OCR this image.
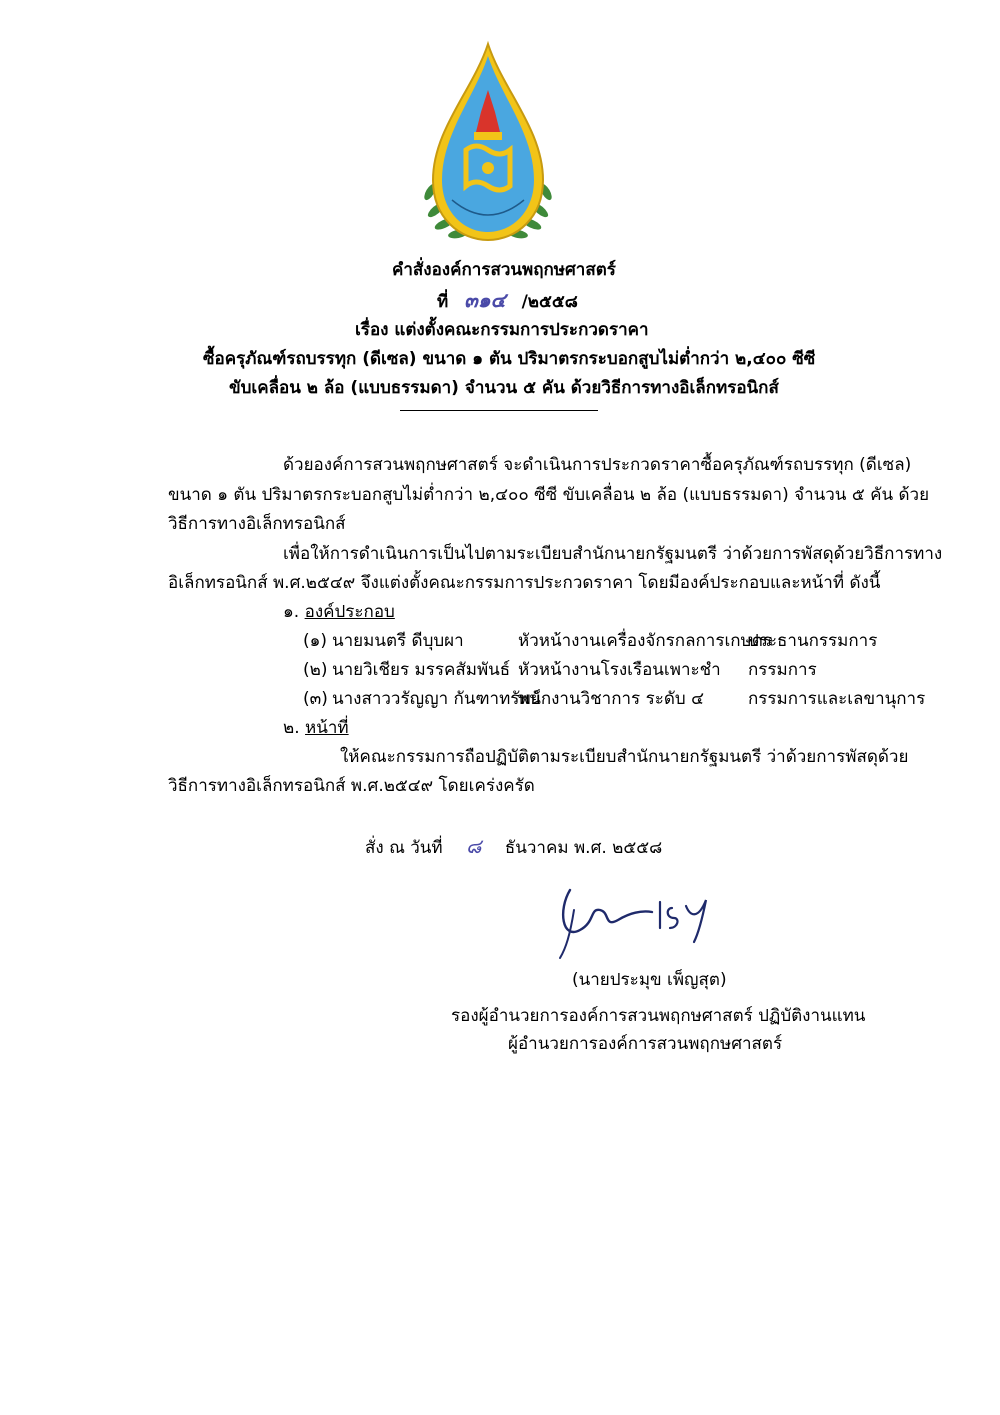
คำสั่งองค์การสวนพฤกษศาสตร์
ที่ ๓๑๔ /๒๕๕๘
เรื่อง แต่งตั้งคณะกรรมการประกวดราคา
ซื้อครุภัณฑ์รถบรรทุก (ดีเซล) ขนาด ๑ ตัน ปริมาตรกระบอกสูบไม่ต่ำกว่า ๒,๔๐๐ ซีซี
ขับเคลื่อน ๒ ล้อ (แบบธรรมดา) จำนวน ๕ คัน ด้วยวิธีการทางอิเล็กทรอนิกส์
ด้วยองค์การสวนพฤกษศาสตร์ จะดำเนินการประกวดราคาซื้อครุภัณฑ์รถบรรทุก (ดีเซล)
ขนาด ๑ ตัน ปริมาตรกระบอกสูบไม่ต่ำกว่า ๒,๔๐๐ ซีซี ขับเคลื่อน ๒ ล้อ (แบบธรรมดา) จำนวน ๕ คัน ด้วย
วิธีการทางอิเล็กทรอนิกส์
เพื่อให้การดำเนินการเป็นไปตามระเบียบสำนักนายกรัฐมนตรี ว่าด้วยการพัสดุด้วยวิธีการทาง
อิเล็กทรอนิกส์ พ.ศ.๒๕๔๙ จึงแต่งตั้งคณะกรรมการประกวดราคา โดยมีองค์ประกอบและหน้าที่ ดังนี้
๑. องค์ประกอบ
(๑) นายมนตรี ดีบุบผา	หัวหน้างานเครื่องจักรกลการเกษตร
ประธานกรรมการ
(๒) นายวิเชียร มรรคสัมพันธ์ หัวหน้างานโรงเรือนเพาะชำ กรรมการ
(๓) นางสาววรัญญา กันฑาทรัพย์
พนักงานวิชาการ ระดับ ๔	กรรมการและเลขานุการ
๒. หน้าที่
ให้คณะกรรมการถือปฏิบัติตามระเบียบสำนักนายกรัฐมนตรี ว่าด้วยการพัสดุด้วย
วิธีการทางอิเล็กทรอนิกส์ พ.ศ.๒๕๔๙ โดยเคร่งครัด
สั่ง ณ วันที่ ๘ ธันวาคม พ.ศ. ๒๕๕๘
(นายประมุข เพ็ญสุต)
รองผู้อำนวยการองค์การสวนพฤกษศาสตร์ ปฏิบัติงานแทน
ผู้อำนวยการองค์การสวนพฤกษศาสตร์
